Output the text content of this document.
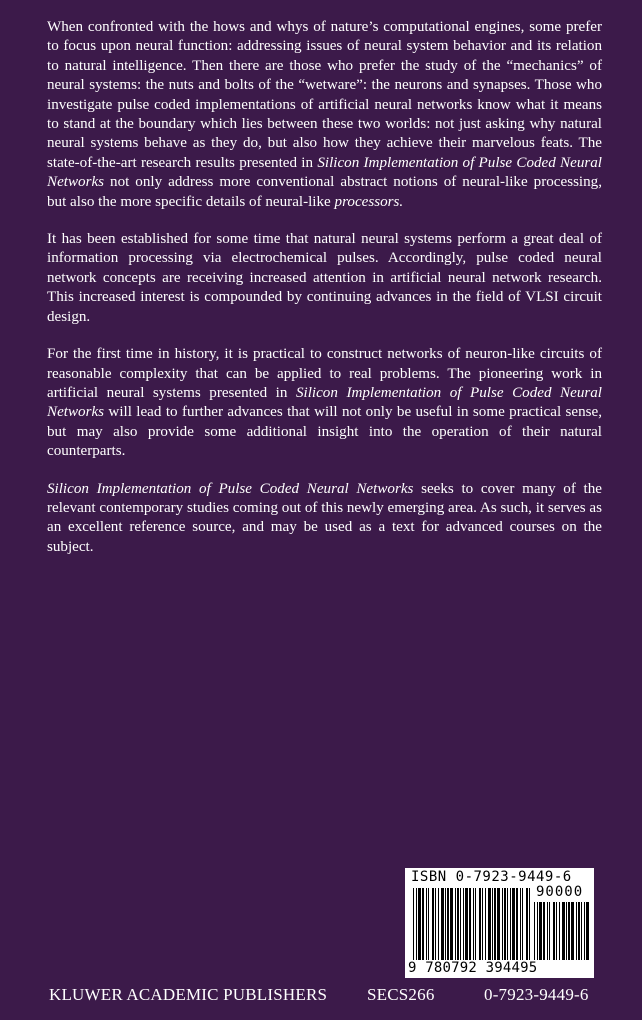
When confronted with the hows and whys of nature’s computational engines, some prefer to focus upon neural function: addressing issues of neural system behavior and its relation to natural intelligence. Then there are those who prefer the study of the “mechanics” of neural systems: the nuts and bolts of the “wetware”: the neurons and synapses. Those who investigate pulse coded implementations of artificial neural networks know what it means to stand at the boundary which lies between these two worlds: not just asking why natural neural systems behave as they do, but also how they achieve their marvelous feats. The state-of-the-art research results presented in Silicon Implementation of Pulse Coded Neural Networks not only address more conventional abstract notions of neural-like processing, but also the more specific details of neural-like processors.

It has been established for some time that natural neural systems perform a great deal of information processing via electrochemical pulses. Accordingly, pulse coded neural network concepts are receiving increased attention in artificial neural network research. This increased interest is compounded by continuing advances in the field of VLSI circuit design.

For the first time in history, it is practical to construct networks of neuron-like circuits of reasonable complexity that can be applied to real problems. The pioneering work in artificial neural systems presented in Silicon Implementation of Pulse Coded Neural Networks will lead to further advances that will not only be useful in some practical sense, but may also provide some additional insight into the operation of their natural counterparts.

Silicon Implementation of Pulse Coded Neural Networks seeks to cover many of the relevant contemporary studies coming out of this newly emerging area. As such, it serves as an excellent reference source, and may be used as a text for advanced courses on the subject.

ISBN 0-7923-9449-6
90000
9 780792 394495
KLUWER ACADEMIC PUBLISHERS SECS266	0-7923-9449-6
